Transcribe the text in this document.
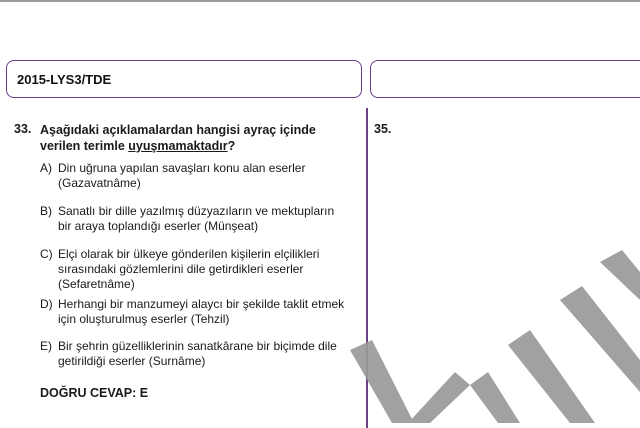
2015-LYS3/TDE
33. Aşağıdaki açıklamalardan hangisi ayraç içinde
verilen terimle uyuşmamaktadır?
A) Din uğruna yapılan savaşları konu alan eserler
(Gazavatnâme)
B) Sanatlı bir dille yazılmış düzyazıların ve mektupların
bir araya toplandığı eserler (Münşeat)
C) Elçi olarak bir ülkeye gönderilen kişilerin elçilikleri
sırasındaki gözlemlerini dile getirdikleri eserler
(Sefaretnâme)
D) Herhangi bir manzumeyi alaycı bir şekilde taklit etmek
için oluşturulmuş eserler (Tehzil)
E) Bir şehrin güzelliklerinin sanatkârane bir biçimde dile
getirildiği eserler (Surnâme)
DOĞRU CEVAP: E
35.
